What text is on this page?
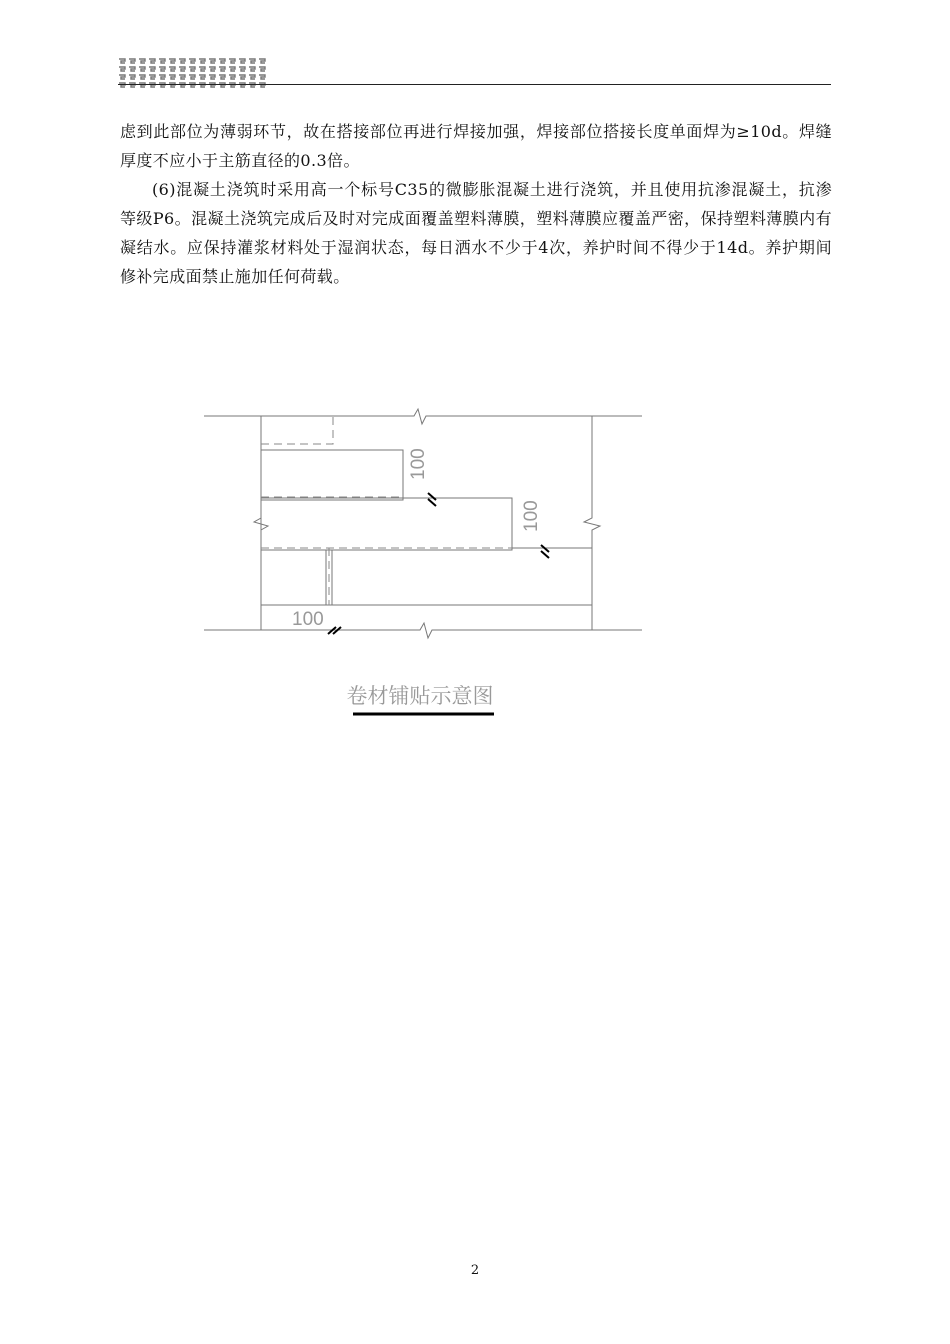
虑到此部位为薄弱环节，故在搭接部位再进行焊接加强，焊接部位搭接长度单面焊为≥10d。焊缝厚度不应小于主筋直径的0.3倍。

(6)混凝土浇筑时采用高一个标号C35的微膨胀混凝土进行浇筑，并且使用抗渗混凝土，抗渗等级P6。混凝土浇筑完成后及时对完成面覆盖塑料薄膜，塑料薄膜应覆盖严密，保持塑料薄膜内有凝结水。应保持灌浆材料处于湿润状态，每日洒水不少于4次，养护时间不得少于14d。养护期间修补完成面禁止施加任何荷载。

100
100
100
卷材铺贴示意图
2
